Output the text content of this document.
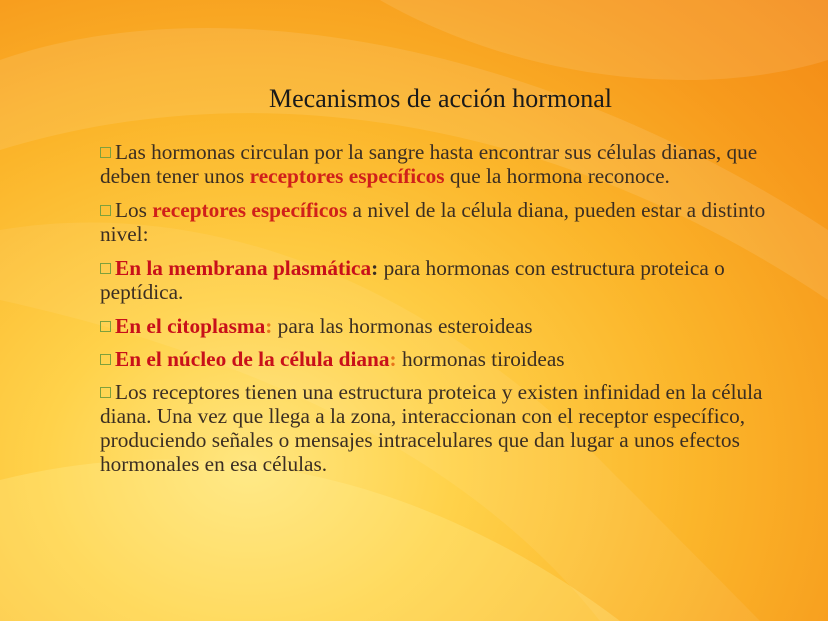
Mecanismos de acción hormonal
Las hormonas circulan por la sangre hasta encontrar sus células dianas, que deben tener unos receptores específicos que la hormona reconoce.
Los receptores específicos a nivel de la célula diana, pueden estar a distinto nivel:
En la membrana plasmática: para hormonas con estructura proteica o peptídica.
En el citoplasma: para las hormonas esteroideas
En el núcleo de la célula diana: hormonas tiroideas
Los receptores tienen una estructura proteica y existen infinidad en la célula diana. Una vez que llega a la zona, interaccionan con el receptor específico, produciendo señales o mensajes intracelulares que dan lugar a unos efectos hormonales en esa células.
